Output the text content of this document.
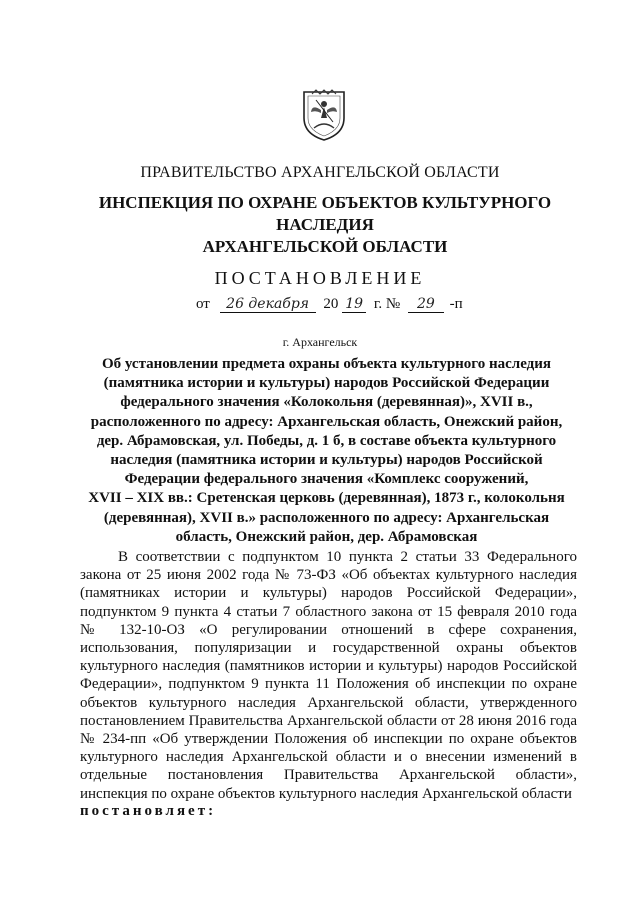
ПРАВИТЕЛЬСТВО АРХАНГЕЛЬСКОЙ ОБЛАСТИ
ИНСПЕКЦИЯ ПО ОХРАНЕ ОБЪЕКТОВ КУЛЬТУРНОГО НАСЛЕДИЯ
АРХАНГЕЛЬСКОЙ ОБЛАСТИ
ПОСТАНОВЛЕНИЕ
от 26 декабря 20 19 г. № 29 -п
г. Архангельск
Об установлении предмета охраны объекта культурного наследия
(памятника истории и культуры) народов Российской Федерации
федерального значения «Колокольня (деревянная)», XVII в.,
расположенного по адресу: Архангельская область, Онежский район,
дер. Абрамовская, ул. Победы, д. 1 б, в составе объекта культурного
наследия (памятника истории и культуры) народов Российской
Федерации федерального значения «Комплекс сооружений,
XVII – XIX вв.: Сретенская церковь (деревянная), 1873 г., колокольня
(деревянная), XVII в.» расположенного по адресу: Архангельская
область, Онежский район, дер. Абрамовская
В соответствии с подпунктом 10 пункта 2 статьи 33 Федерального закона от 25 июня 2002 года № 73-ФЗ «Об объектах культурного наследия (памятниках истории и культуры) народов Российской Федерации», подпунктом 9 пункта 4 статьи 7 областного закона от 15 февраля 2010 года № 132-10-ОЗ «О регулировании отношений в сфере сохранения, использования, популяризации и государственной охраны объектов культурного наследия (памятников истории и культуры) народов Российской Федерации», подпунктом 9 пункта 11 Положения об инспекции по охране объектов культурного наследия Архангельской области, утвержденного постановлением Правительства Архангельской области от 28 июня 2016 года № 234-пп «Об утверждении Положения об инспекции по охране объектов культурного наследия Архангельской области и о внесении изменений в отдельные постановления Правительства Архангельской области», инспекция по охране объектов культурного наследия Архангельской области
постановляет:
